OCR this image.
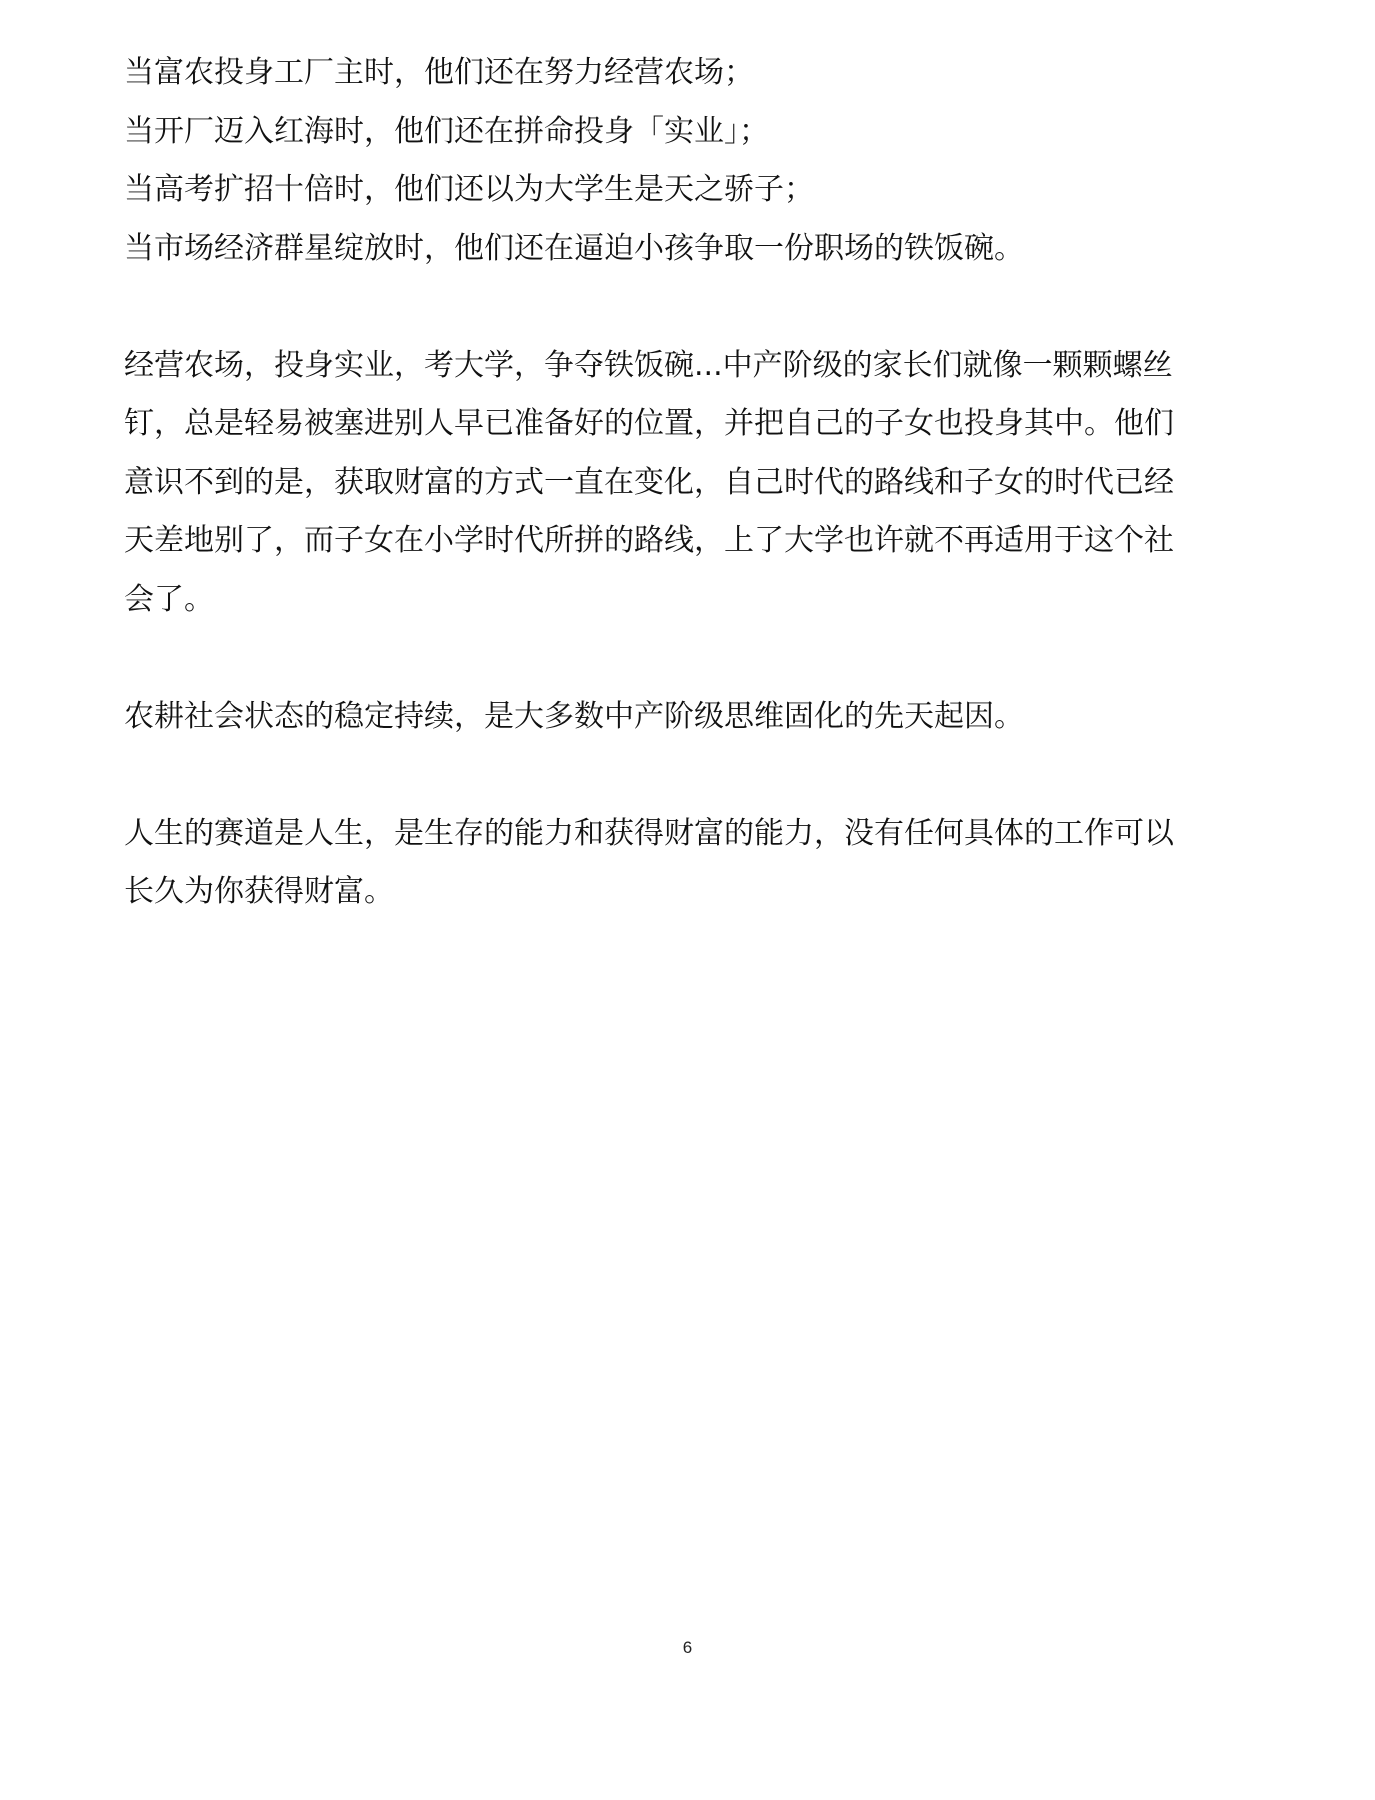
当富农投身工厂主时，他们还在努力经营农场；
当开厂迈入红海时，他们还在拼命投身「实业」；
当高考扩招十倍时，他们还以为大学生是天之骄子；
当市场经济群星绽放时，他们还在逼迫小孩争取一份职场的铁饭碗。
经营农场，投身实业，考大学，争夺铁饭碗...中产阶级的家长们就像一颗颗螺丝
钉，总是轻易被塞进别人早已准备好的位置，并把自己的子女也投身其中。他们
意识不到的是，获取财富的方式一直在变化，自己时代的路线和子女的时代已经
天差地别了，而子女在小学时代所拼的路线，上了大学也许就不再适用于这个社
会了。
农耕社会状态的稳定持续，是大多数中产阶级思维固化的先天起因。
人生的赛道是人生，是生存的能力和获得财富的能力，没有任何具体的工作可以
长久为你获得财富。
6
